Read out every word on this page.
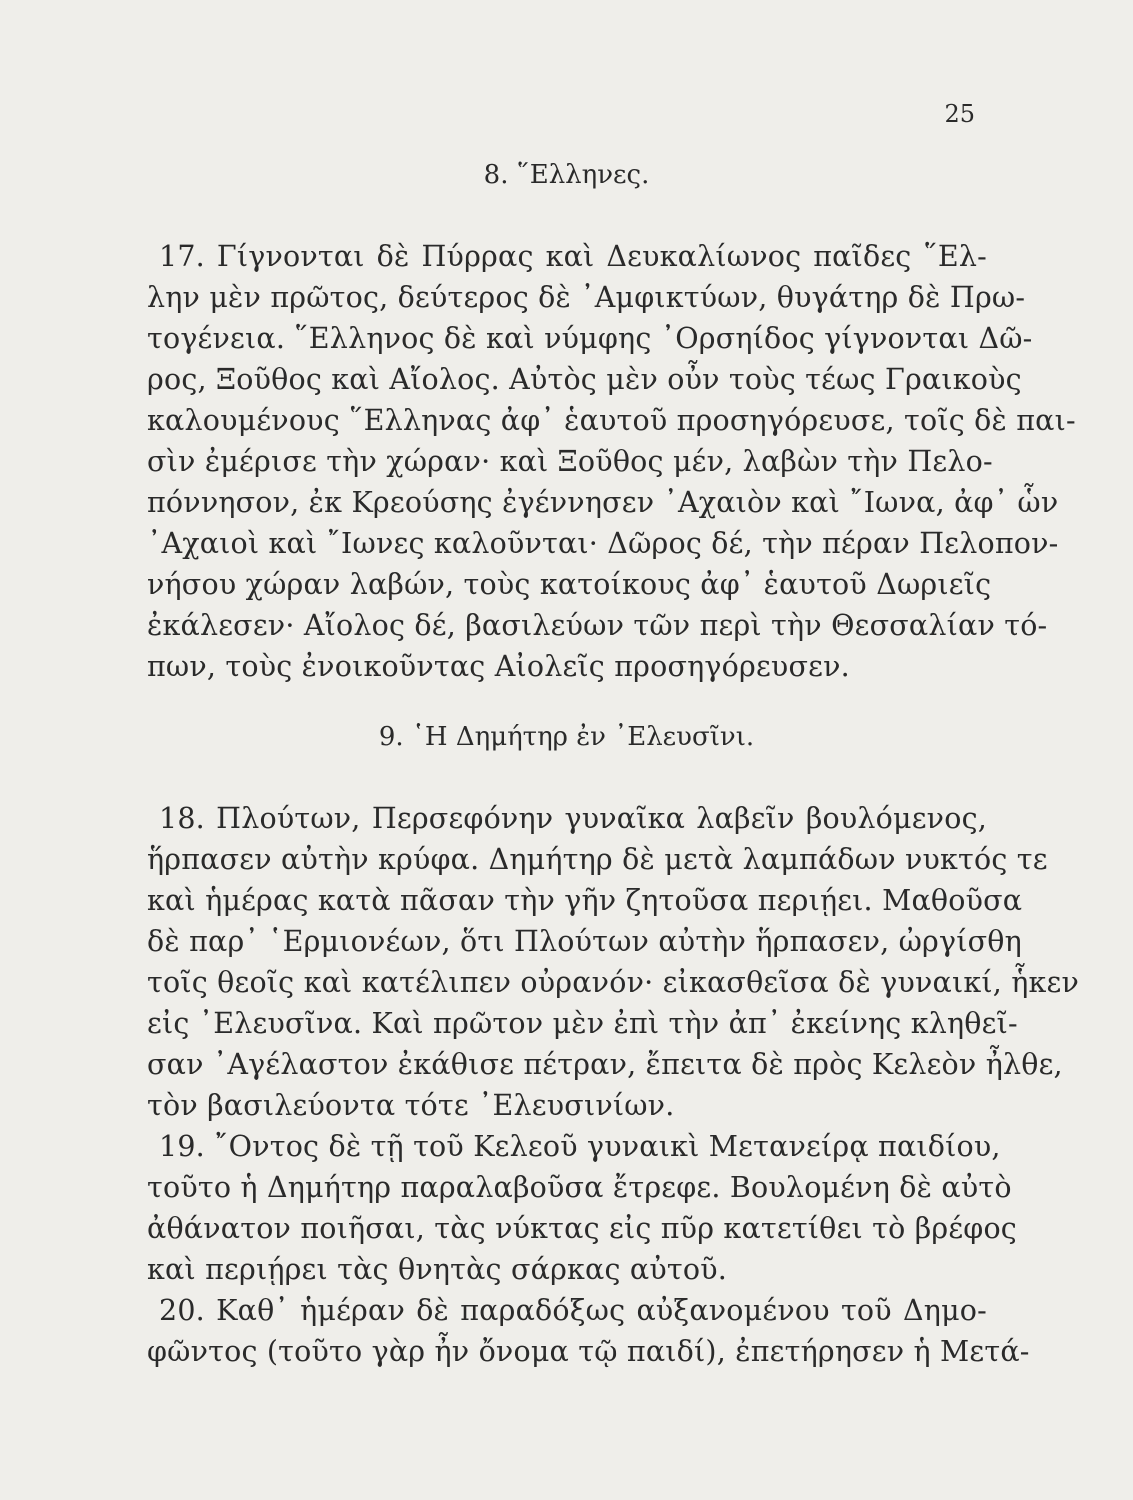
25
8. ῞Ελληνες.
17. Γίγνονται δὲ Πύρρας καὶ Δευκαλίωνος παῖδες ῞Ελ-
λην μὲν πρῶτος, δεύτερος δὲ ᾿Αμφικτύων, θυγάτηρ δὲ Πρω-
τογένεια. ῞Ελληνος δὲ καὶ νύμφης ᾿Ορσηίδος γίγνονται Δῶ-
ρος, Ξοῦθος καὶ Αἴολος. Αὐτὸς μὲν οὖν τοὺς τέως Γραικοὺς
καλουμένους ῞Ελληνας ἀφ᾿ ἑαυτοῦ προσηγόρευσε, τοῖς δὲ παι-
σὶν ἐμέρισε τὴν χώραν· καὶ Ξοῦθος μέν, λαβὼν τὴν Πελο-
πόννησον, ἐκ Κρεούσης ἐγέννησεν ᾿Αχαιὸν καὶ ῎Ιωνα, ἀφ᾿ ὧν
᾿Αχαιοὶ καὶ ῎Ιωνες καλοῦνται· Δῶρος δέ, τὴν πέραν Πελοπον-
νήσου χώραν λαβών, τοὺς κατοίκους ἀφ᾿ ἑαυτοῦ Δωριεῖς
ἐκάλεσεν· Αἴολος δέ, βασιλεύων τῶν περὶ τὴν Θεσσαλίαν τό-
πων, τοὺς ἐνοικοῦντας Αἰολεῖς προσηγόρευσεν.
9. ῾Η Δημήτηρ ἐν ᾿Ελευσῖνι.
18. Πλούτων, Περσεφόνην γυναῖκα λαβεῖν βουλόμενος,
ἥρπασεν αὐτὴν κρύφα. Δημήτηρ δὲ μετὰ λαμπάδων νυκτός τε
καὶ ἡμέρας κατὰ πᾶσαν τὴν γῆν ζητοῦσα περιῄει. Μαθοῦσα
δὲ παρ᾿ ῾Ερμιονέων, ὅτι Πλούτων αὐτὴν ἥρπασεν, ὠργίσθη
τοῖς θεοῖς καὶ κατέλιπεν οὐρανόν· εἰκασθεῖσα δὲ γυναικί, ἧκεν
εἰς ᾿Ελευσῖνα. Καὶ πρῶτον μὲν ἐπὶ τὴν ἀπ᾿ ἐκείνης κληθεῖ-
σαν ᾿Αγέλαστον ἐκάθισε πέτραν, ἔπειτα δὲ πρὸς Κελεὸν ἦλθε,
τὸν βασιλεύοντα τότε ᾿Ελευσινίων.
19. ῎Οντος δὲ τῇ τοῦ Κελεοῦ γυναικὶ Μετανείρᾳ παιδίου,
τοῦτο ἡ Δημήτηρ παραλαβοῦσα ἔτρεφε. Βουλομένη δὲ αὐτὸ
ἀθάνατον ποιῆσαι, τὰς νύκτας εἰς πῦρ κατετίθει τὸ βρέφος
καὶ περιῄρει τὰς θνητὰς σάρκας αὐτοῦ.
20. Καθ᾿ ἡμέραν δὲ παραδόξως αὐξανομένου τοῦ Δημο-
φῶντος (τοῦτο γὰρ ἦν ὄνομα τῷ παιδί), ἐπετήρησεν ἡ Μετά-
